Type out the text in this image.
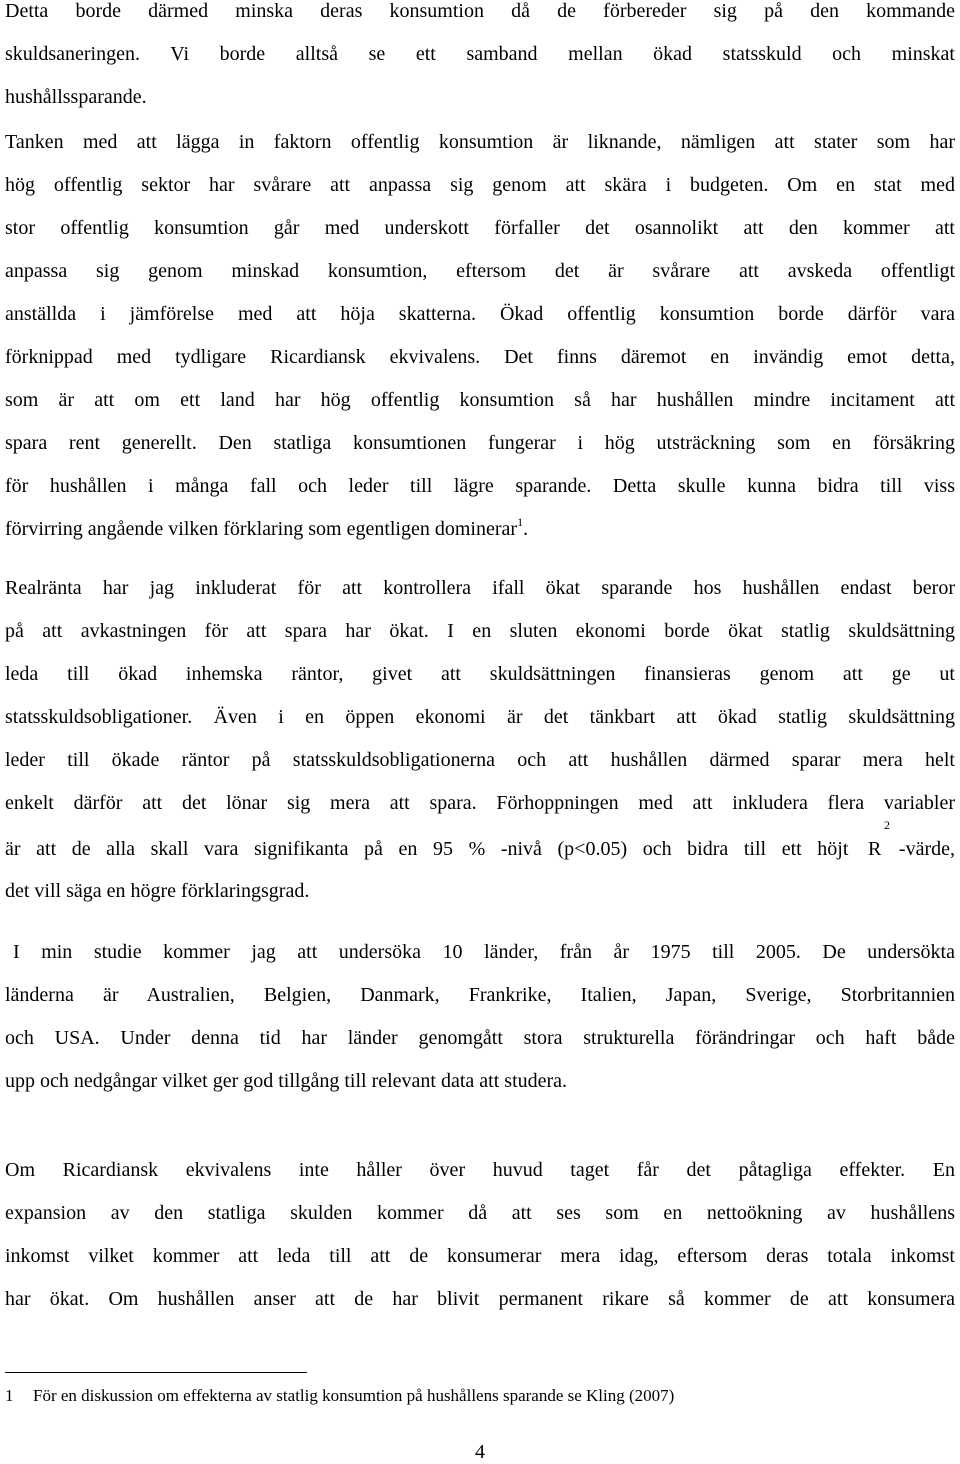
Detta borde därmed minska deras konsumtion då de förbereder sig på den kommande
skuldsaneringen. Vi borde alltså se ett samband mellan ökad statsskuld och minskat
hushållssparande.
Tanken med att lägga in faktorn offentlig konsumtion är liknande, nämligen att stater som har
hög offentlig sektor har svårare att anpassa sig genom att skära i budgeten. Om en stat med
stor offentlig konsumtion går med underskott förfaller det osannolikt att den kommer att
anpassa sig genom minskad konsumtion, eftersom det är svårare att avskeda offentligt
anställda i jämförelse med att höja skatterna. Ökad offentlig konsumtion borde därför vara
förknippad med tydligare Ricardiansk ekvivalens. Det finns däremot en invändig emot detta,
som är att om ett land har hög offentlig konsumtion så har hushållen mindre incitament att
spara rent generellt. Den statliga konsumtionen fungerar i hög utsträckning som en försäkring
för hushållen i många fall och leder till lägre sparande. Detta skulle kunna bidra till viss
förvirring angående vilken förklaring som egentligen dominerar$^1$.
Realränta har jag inkluderat för att kontrollera ifall ökat sparande hos hushållen endast beror
på att avkastningen för att spara har ökat. I en sluten ekonomi borde ökat statlig skuldsättning
leda till ökad inhemska räntor, givet att skuldsättningen finansieras genom att ge ut
statsskuldsobligationer. Även i en öppen ekonomi är det tänkbart att ökad statlig skuldsättning
leder till ökade räntor på statsskuldsobligationerna och att hushållen därmed sparar mera helt
enkelt därför att det lönar sig mera att spara. Förhoppningen med att inkludera flera variabler
är att de alla skall vara signifikanta på en 95 % -nivå (p<0.05) och bidra till ett höjt R
2
-värde,
det vill säga en högre förklaringsgrad.
I min studie kommer jag att undersöka 10 länder, från år 1975 till 2005. De undersökta
länderna är Australien, Belgien, Danmark, Frankrike, Italien, Japan, Sverige, Storbritannien
och USA. Under denna tid har länder genomgått stora strukturella förändringar och haft både
upp och nedgångar vilket ger god tillgång till relevant data att studera.
Om Ricardiansk ekvivalens inte håller över huvud taget får det påtagliga effekter. En
expansion av den statliga skulden kommer då att ses som en nettoökning av hushållens
inkomst vilket kommer att leda till att de konsumerar mera idag, eftersom deras totala inkomst
har ökat. Om hushållen anser att de har blivit permanent rikare så kommer de att konsumera
1 För en diskussion om effekterna av statlig konsumtion på hushållens sparande se Kling (2007)
4
